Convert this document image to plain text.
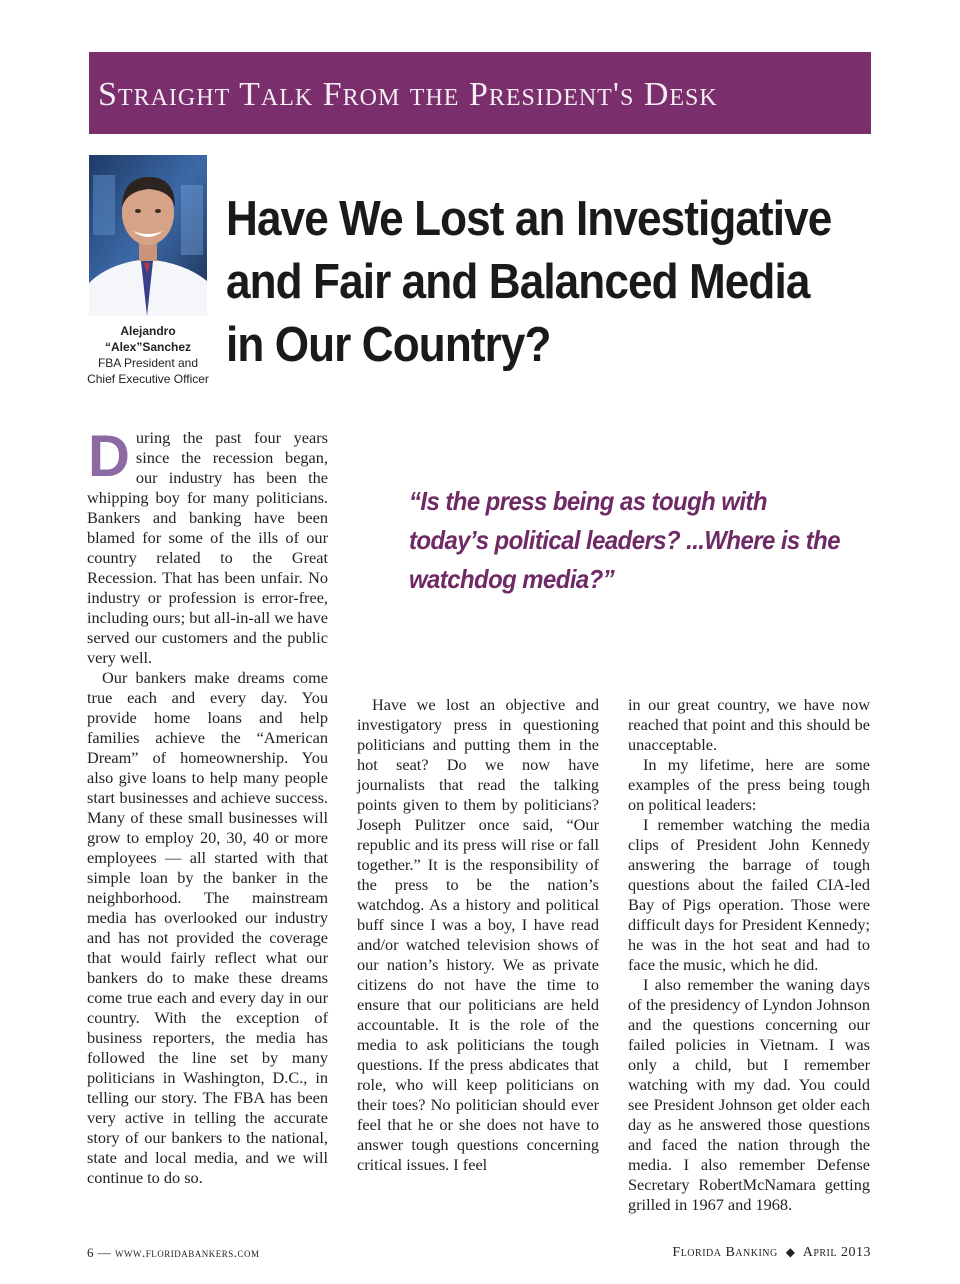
Straight Talk From the President's Desk
Alejandro
“Alex”Sanchez
FBA President and
Chief Executive Officer
Have We Lost an Investigative
and Fair and Balanced Media
in Our Country?
“Is the press being as tough with
today’s political leaders? ...Where is the
watchdog media?”

During the past four years since the recession began, our industry has been the whipping boy for many politicians. Bankers and banking have been blamed for some of the ills of our country related to the Great Recession. That has been unfair. No industry or profession is error-free, including ours; but all-in-all we have served our customers and the public very well.

Our bankers make dreams come true each and every day. You provide home loans and help families achieve the “American Dream” of homeownership. You also give loans to help many people start businesses and achieve success. Many of these small businesses will grow to employ 20, 30, 40 or more employees — all started with that simple loan by the banker in the neighborhood. The mainstream media has overlooked our industry and has not provided the coverage that would fairly reflect what our bankers do to make these dreams come true each and every day in our country. With the exception of business reporters, the media has followed the line set by many politicians in Washington, D.C., in telling our story. The FBA has been very active in telling the accurate story of our bankers to the national, state and local media, and we will continue to do so.

Have we lost an objective and investigatory press in questioning politicians and putting them in the hot seat? Do we now have journalists that read the talking points given to them by politicians? Joseph Pulitzer once said, “Our republic and its press will rise or fall together.” It is the responsibility of the press to be the nation’s watchdog. As a history and political buff since I was a boy, I have read and/or watched television shows of our nation’s history. We as private citizens do not have the time to ensure that our politicians are held accountable. It is the role of the media to ask politicians the tough questions. If the press abdicates that role, who will keep politicians on their toes? No politician should ever feel that he or she does not have to answer tough questions concerning critical issues. I feel

in our great country, we have now reached that point and this should be unacceptable.

In my lifetime, here are some examples of the press being tough on political leaders:

I remember watching the media clips of President John Kennedy answering the barrage of tough questions about the failed CIA-led Bay of Pigs operation. Those were difficult days for President Kennedy; he was in the hot seat and had to face the music, which he did.

I also remember the waning days of the presidency of Lyndon Johnson and the questions concerning our failed policies in Vietnam. I was only a child, but I remember watching with my dad. You could see President Johnson get older each day as he answered those questions and faced the nation through the media. I also remember Defense Secretary RobertMcNamara getting grilled in 1967 and 1968.

6 — www.floridabankers.com	Florida Banking ◆ April 2013
